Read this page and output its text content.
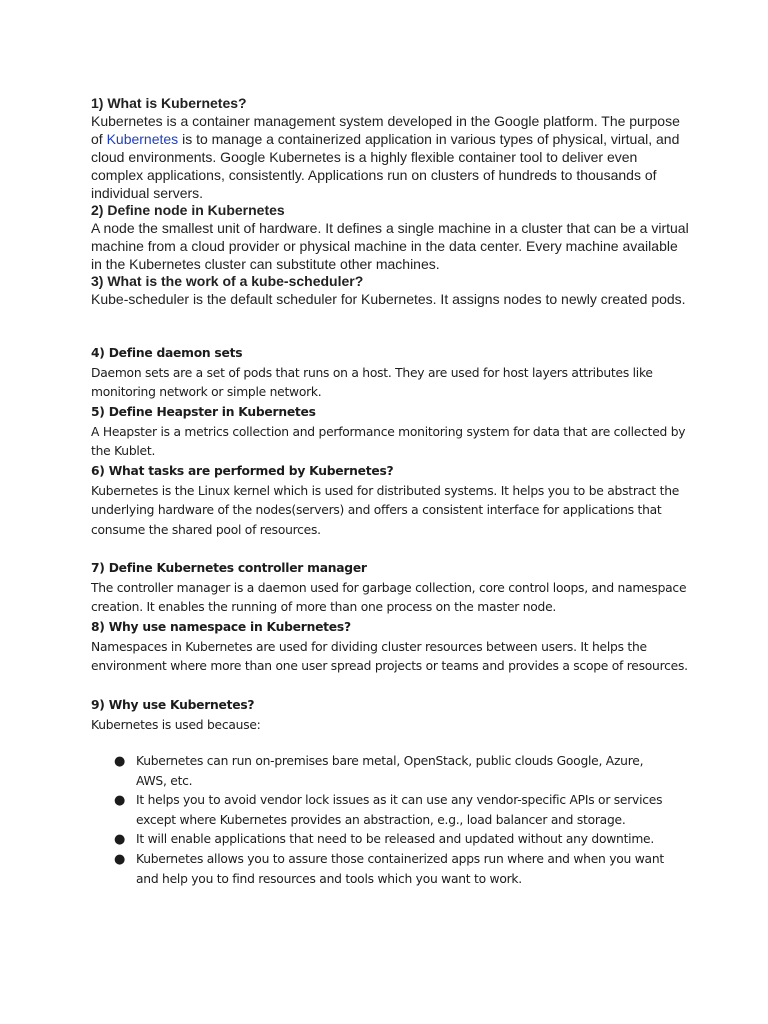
1) What is Kubernetes?
Kubernetes is a container management system developed in the Google platform. The purpose of Kubernetes is to manage a containerized application in various types of physical, virtual, and cloud environments. Google Kubernetes is a highly flexible container tool to deliver even complex applications, consistently. Applications run on clusters of hundreds to thousands of individual servers.
2) Define node in Kubernetes
A node the smallest unit of hardware. It defines a single machine in a cluster that can be a virtual machine from a cloud provider or physical machine in the data center. Every machine available in the Kubernetes cluster can substitute other machines.
3) What is the work of a kube-scheduler?
Kube-scheduler is the default scheduler for Kubernetes. It assigns nodes to newly created pods.
4) Define daemon sets
Daemon sets are a set of pods that runs on a host. They are used for host layers attributes like monitoring network or simple network.
5) Define Heapster in Kubernetes
A Heapster is a metrics collection and performance monitoring system for data that are collected by the Kublet.
6) What tasks are performed by Kubernetes?
Kubernetes is the Linux kernel which is used for distributed systems. It helps you to be abstract the underlying hardware of the nodes(servers) and offers a consistent interface for applications that consume the shared pool of resources.
7) Define Kubernetes controller manager
The controller manager is a daemon used for garbage collection, core control loops, and namespace creation. It enables the running of more than one process on the master node.
8) Why use namespace in Kubernetes?
Namespaces in Kubernetes are used for dividing cluster resources between users. It helps the environment where more than one user spread projects or teams and provides a scope of resources.
9) Why use Kubernetes?
Kubernetes is used because:
● Kubernetes can run on-premises bare metal, OpenStack, public clouds Google, Azure, AWS, etc.
● It helps you to avoid vendor lock issues as it can use any vendor-specific APIs or services except where Kubernetes provides an abstraction, e.g., load balancer and storage.
● It will enable applications that need to be released and updated without any downtime.
● Kubernetes allows you to assure those containerized apps run where and when you want and help you to find resources and tools which you want to work.
